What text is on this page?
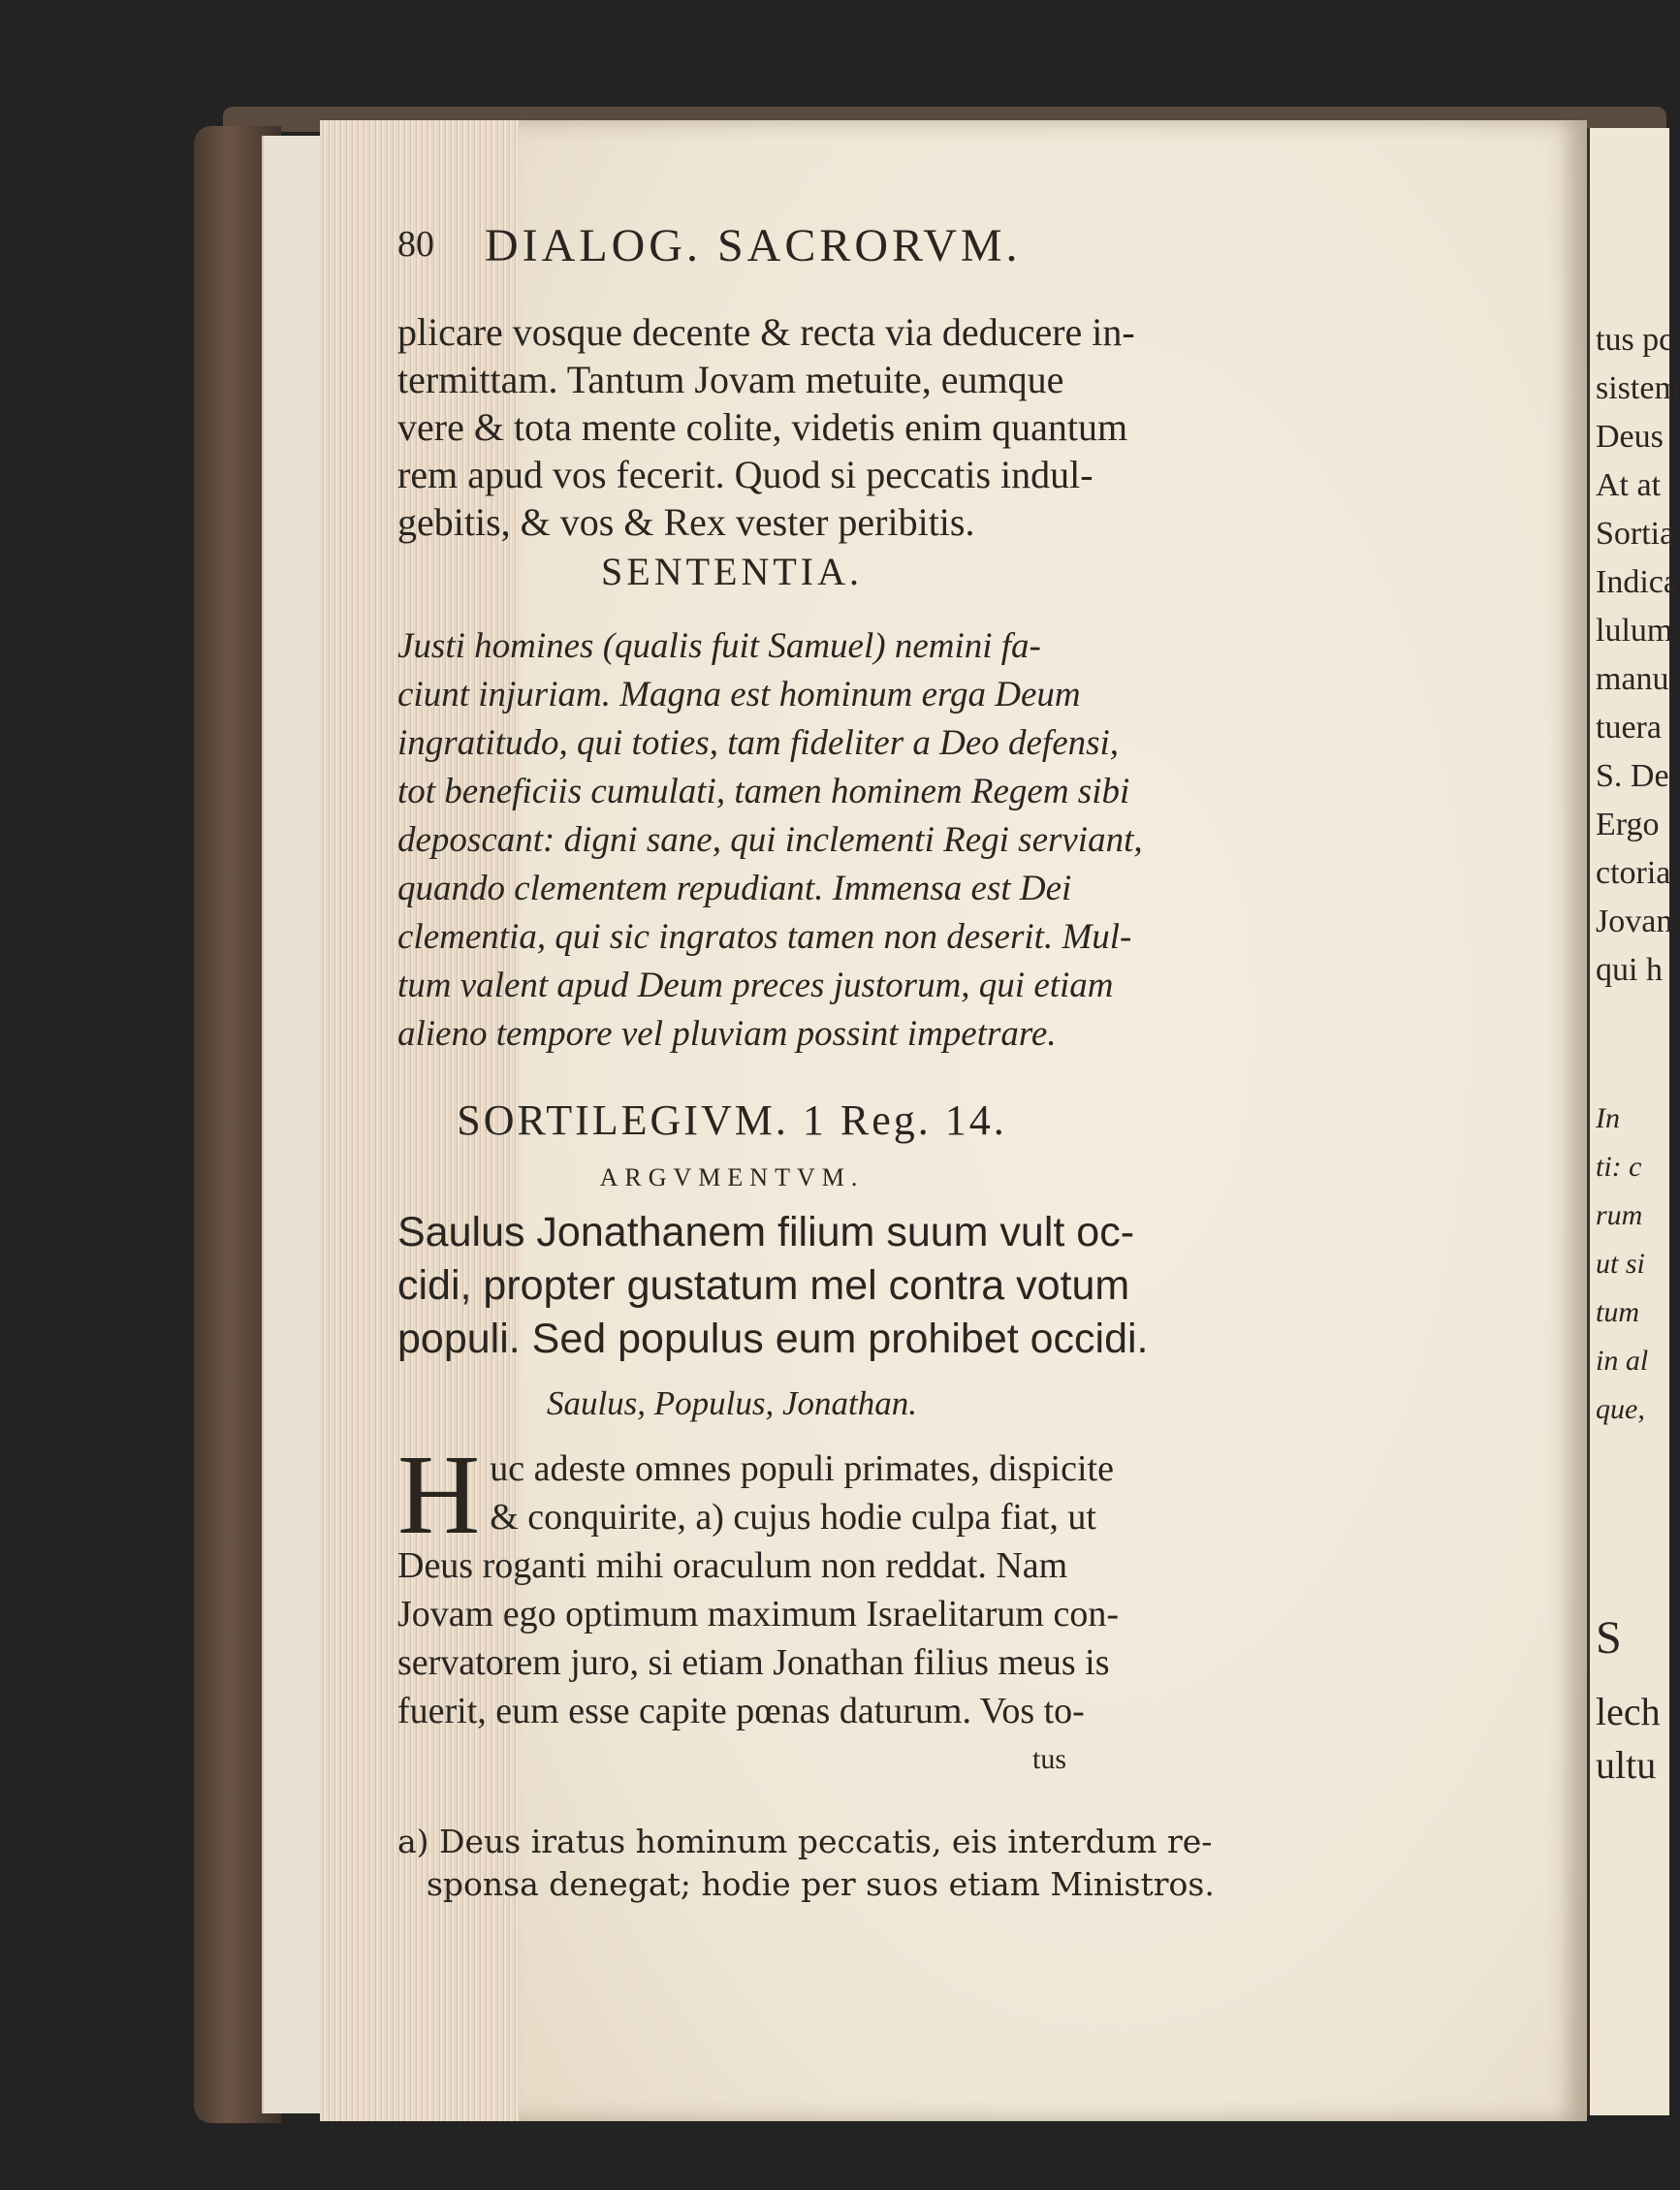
tus pc
sistem
Deus
At at
Sortia
Indica
lulum
manu
tuera
S. De
Ergo
ctoria
Jovan
qui h
In
ti: c
rum
ut si
tum
in al
que,
S
lech
ultu
80 DIALOG. SACRORVM.
plicare vosque decente & recta via deducere in-
termittam. Tantum Jovam metuite, eumque
vere & tota mente colite, videtis enim quantum
rem apud vos fecerit. Quod si peccatis indul-
gebitis, & vos & Rex vester peribitis.
SENTENTIA.
Justi homines (qualis fuit Samuel) nemini fa-
ciunt injuriam. Magna est hominum erga Deum
ingratitudo, qui toties, tam fideliter a Deo defensi,
tot beneficiis cumulati, tamen hominem Regem sibi
deposcant: digni sane, qui inclementi Regi serviant,
quando clementem repudiant. Immensa est Dei
clementia, qui sic ingratos tamen non deserit. Mul-
tum valent apud Deum preces justorum, qui etiam
alieno tempore vel pluviam possint impetrare.
SORTILEGIVM. 1 Reg. 14.
ARGVMENTVM.
Saulus Jonathanem filium suum vult oc-
cidi, propter gustatum mel contra votum
populi. Sed populus eum prohibet occidi.
Saulus, Populus, Jonathan.
H uc adeste omnes populi primates, dispicite
& conquirite, a) cujus hodie culpa fiat, ut
Deus roganti mihi oraculum non reddat. Nam
Jovam ego optimum maximum Israelitarum con-
servatorem juro, si etiam Jonathan filius meus is
fuerit, eum esse capite pœnas daturum. Vos to-
tus
a) Deus iratus hominum peccatis, eis interdum re-
sponsa denegat; hodie per suos etiam Ministros.
